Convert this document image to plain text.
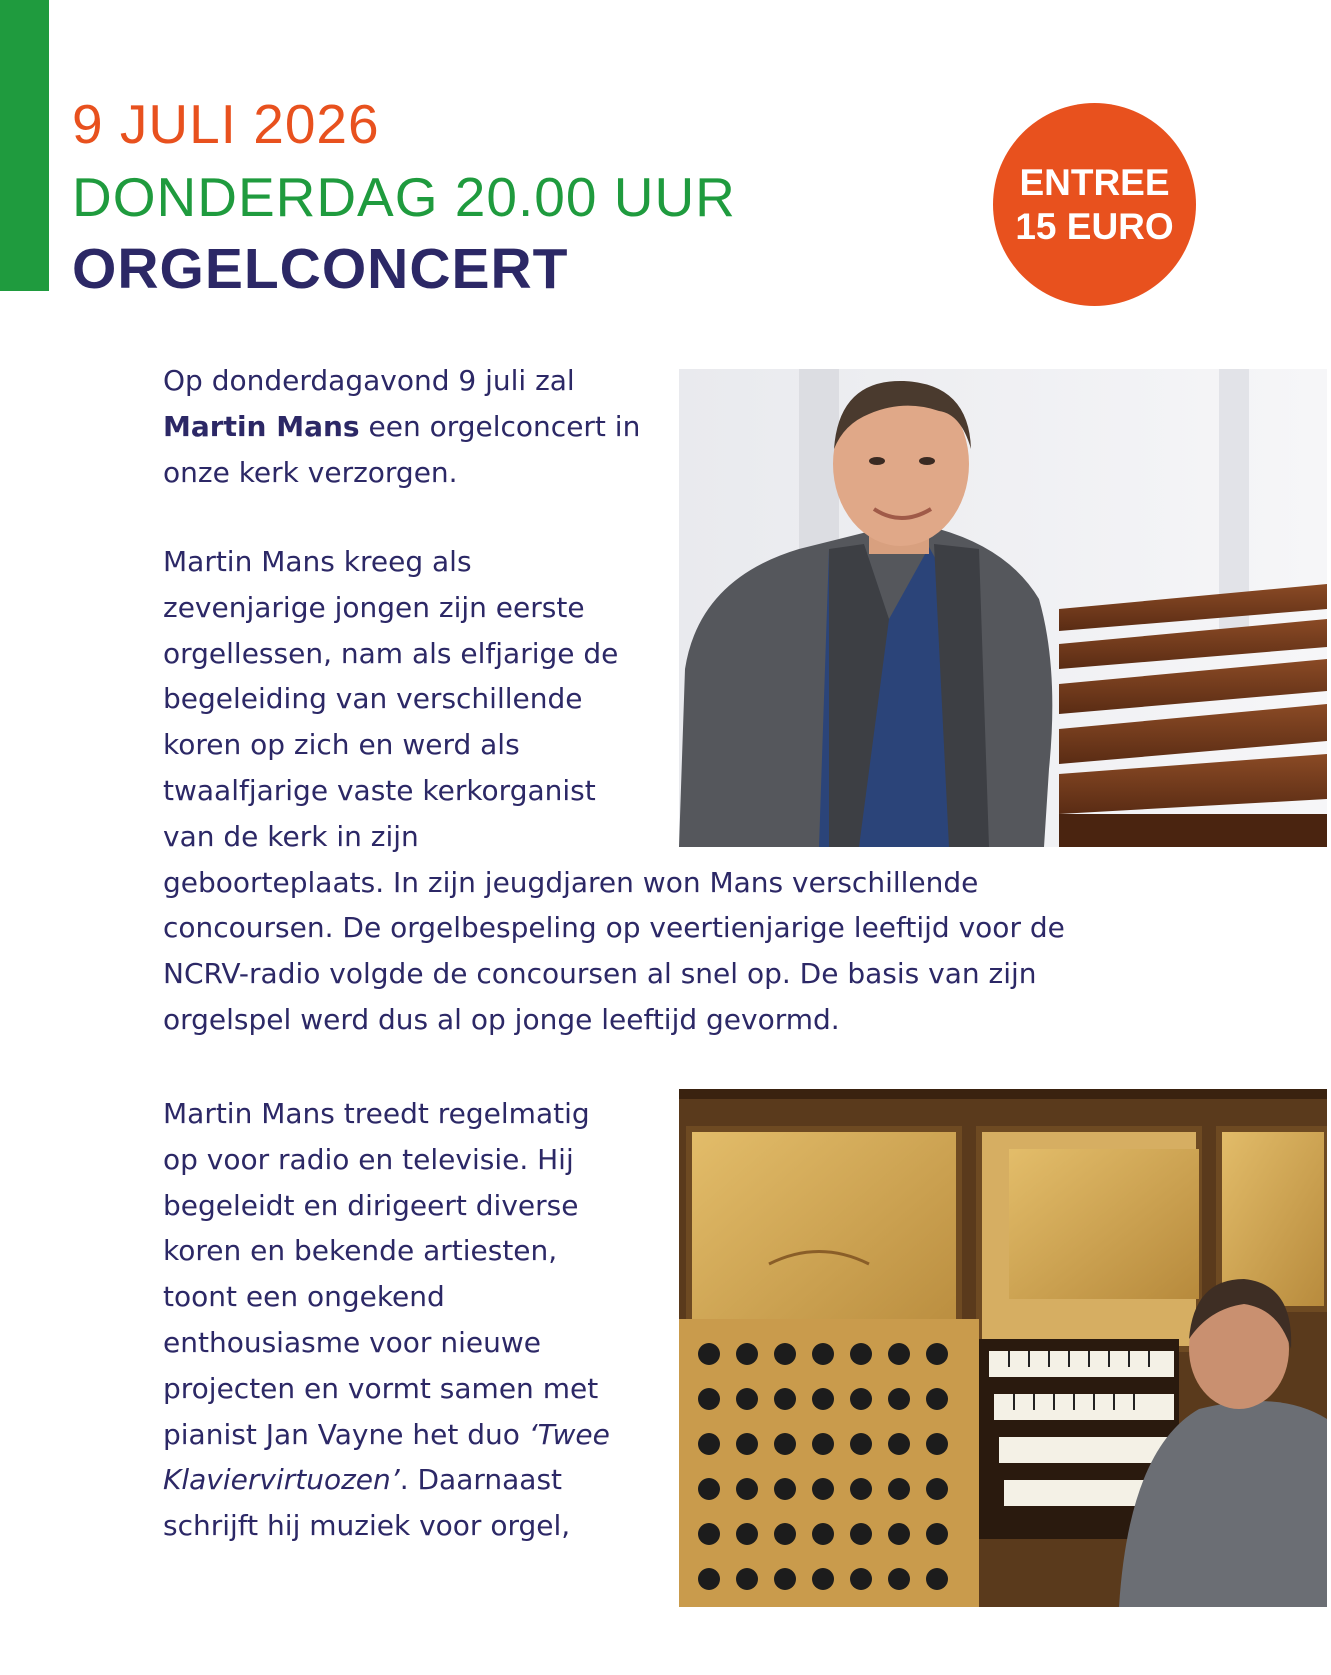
9 JULI 2026
DONDERDAG 20.00 UUR
ORGELCONCERT
ENTREE
15 EURO
Op donderdagavond 9 juli zal
Martin Mans een orgelconcert in
onze kerk verzorgen.
Martin Mans kreeg als
zevenjarige jongen zijn eerste
orgellessen, nam als elfjarige de
begeleiding van verschillende
koren op zich en werd als
twaalfjarige vaste kerkorganist
van de kerk in zijn
geboorteplaats. In zijn jeugdjaren won Mans verschillende
concoursen. De orgelbespeling op veertienjarige leeftijd voor de
NCRV-radio volgde de concoursen al snel op. De basis van zijn
orgelspel werd dus al op jonge leeftijd gevormd.
Martin Mans treedt regelmatig
op voor radio en televisie. Hij
begeleidt en dirigeert diverse
koren en bekende artiesten,
toont een ongekend
enthousiasme voor nieuwe
projecten en vormt samen met
pianist Jan Vayne het duo ‘Twee
Klaviervirtuozen’. Daarnaast
schrijft hij muziek voor orgel,
